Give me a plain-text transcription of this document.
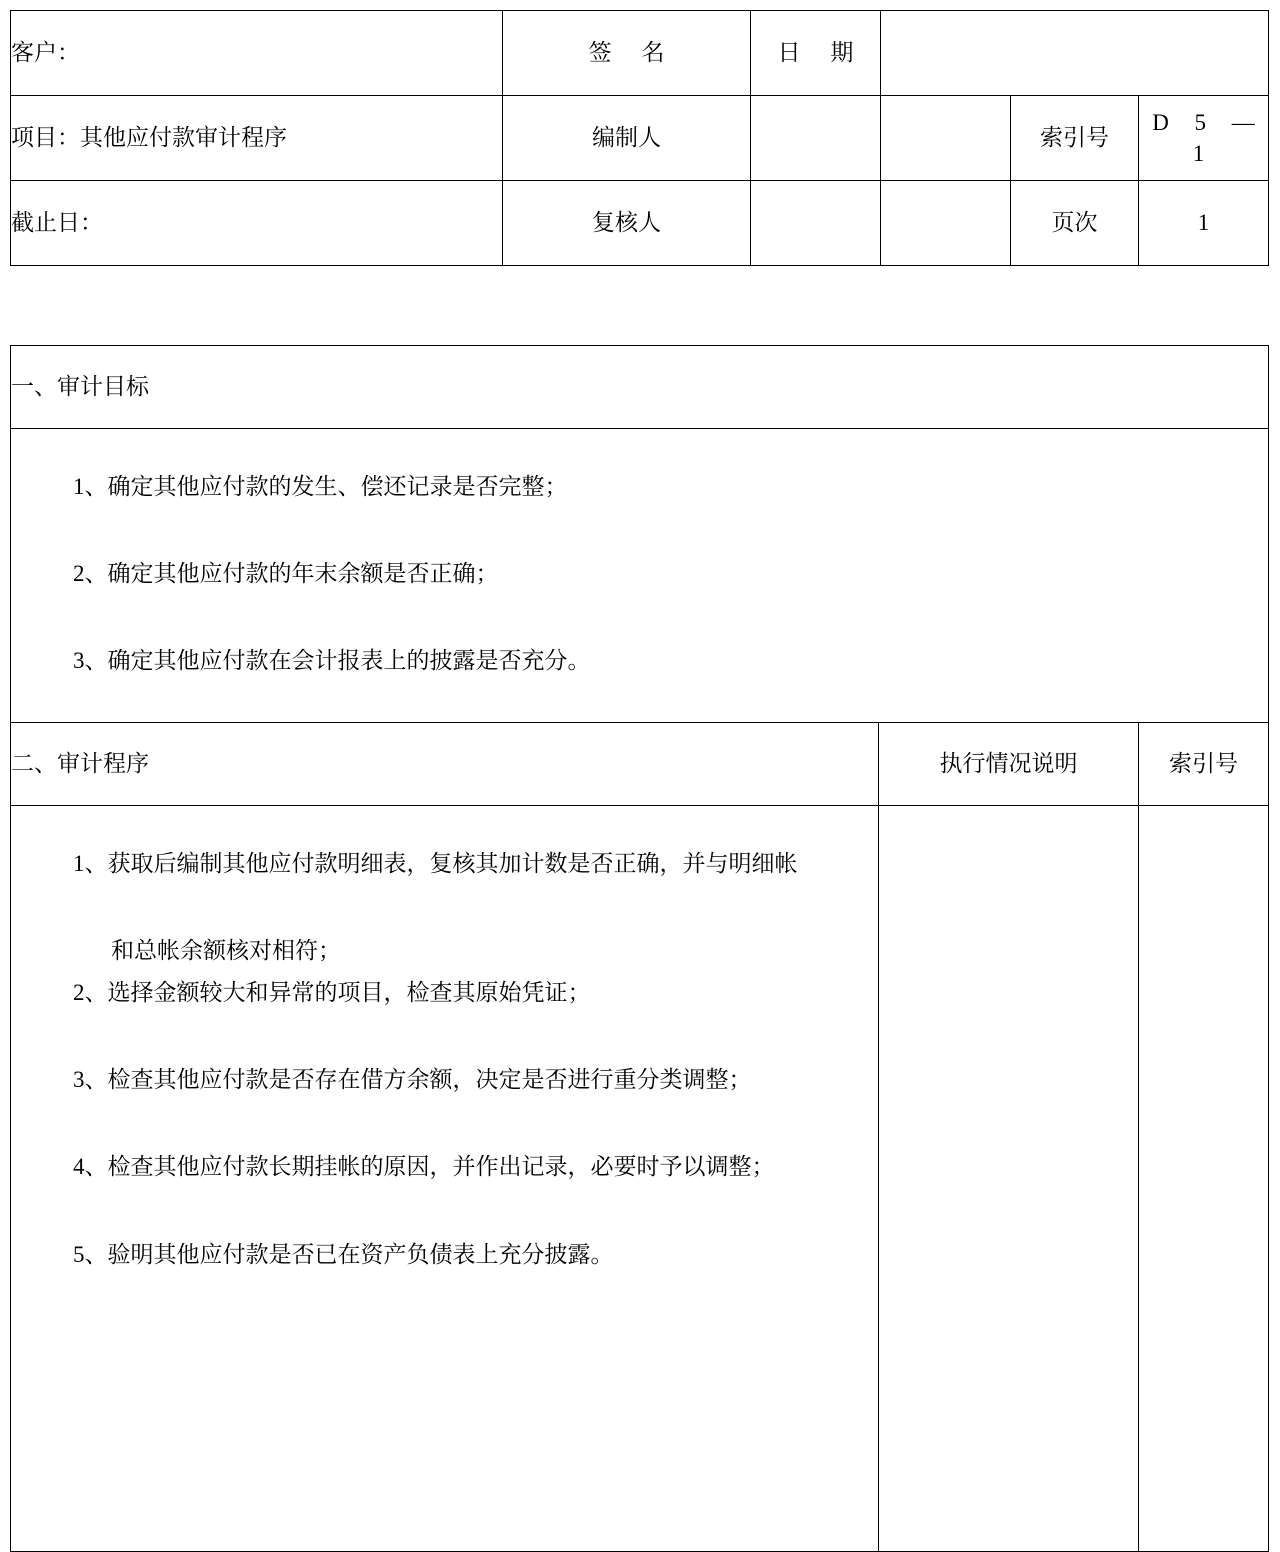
客户：	签 名	日 期			
项目：其他应付款审计程序	编制人			索引号	D 5 — 1
截止日：	复核人			页次	1
一、审计目标		

1、确定其他应付款的发生、偿还记录是否完整；
2、确定其他应付款的年末余额是否正确；
3、确定其他应付款在会计报表上的披露是否充分。		

二、审计程序	执行情况说明	索引号

1、获取后编制其他应付款明细表，复核其加计数是否正确，并与明细帐
和总帐余额核对相符；
2、选择金额较大和异常的项目，检查其原始凭证；
3、检查其他应付款是否存在借方余额，决定是否进行重分类调整；
4、检查其他应付款长期挂帐的原因，并作出记录，必要时予以调整；
5、验明其他应付款是否已在资产负债表上充分披露。
